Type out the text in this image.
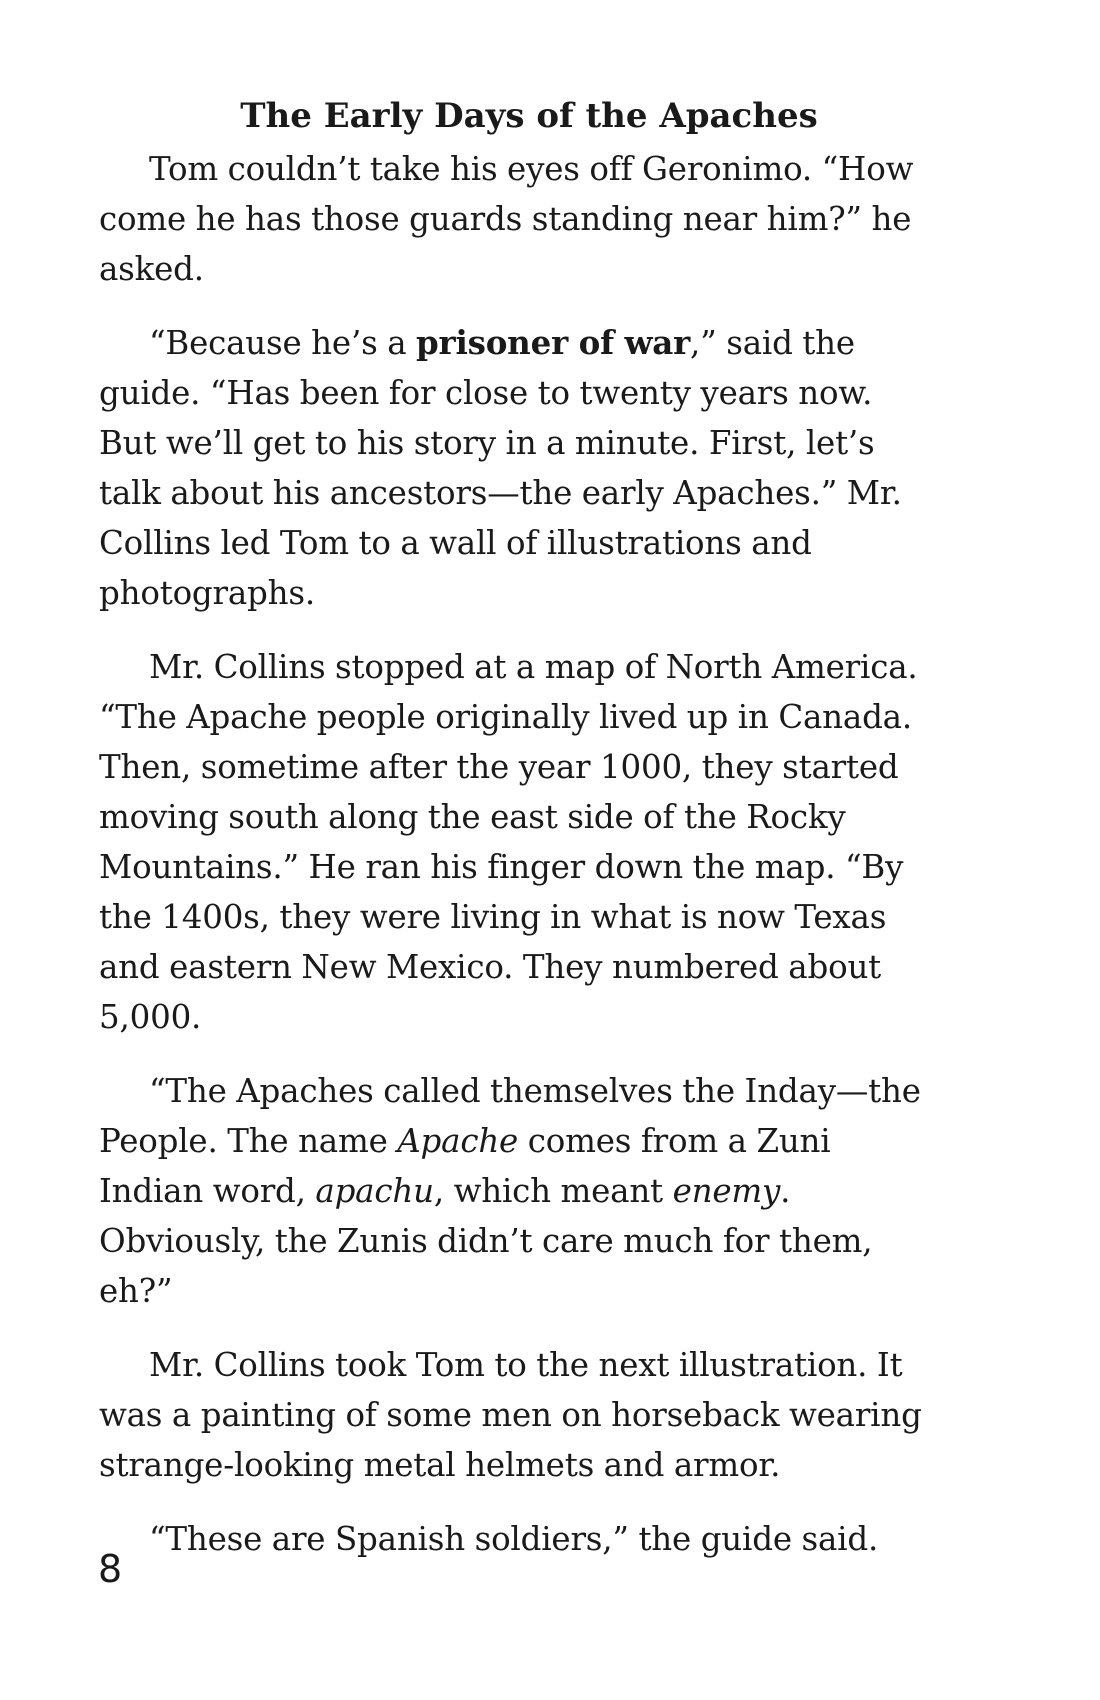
The Early Days of the Apaches

Tom couldn’t take his eyes off Geronimo. “How come he has those guards standing near him?” he asked.

“Because he’s a prisoner of war,” said the guide. “Has been for close to twenty years now. But we’ll get to his story in a minute. First, let’s talk about his ancestors—the early Apaches.” Mr. Collins led Tom to a wall of illustrations and photographs.

Mr. Collins stopped at a map of North America. “The Apache people originally lived up in Canada. Then, sometime after the year 1000, they started moving south along the east side of the Rocky Mountains.” He ran his finger down the map. “By the 1400s, they were living in what is now Texas and eastern New Mexico. They numbered about 5,000.

“The Apaches called themselves the Inday—the People. The name Apache comes from a Zuni Indian word, apachu, which meant enemy. Obviously, the Zunis didn’t care much for them, eh?”

Mr. Collins took Tom to the next illustration. It was a painting of some men on horseback wearing strange-looking metal helmets and armor.

“These are Spanish soldiers,” the guide said.

8
